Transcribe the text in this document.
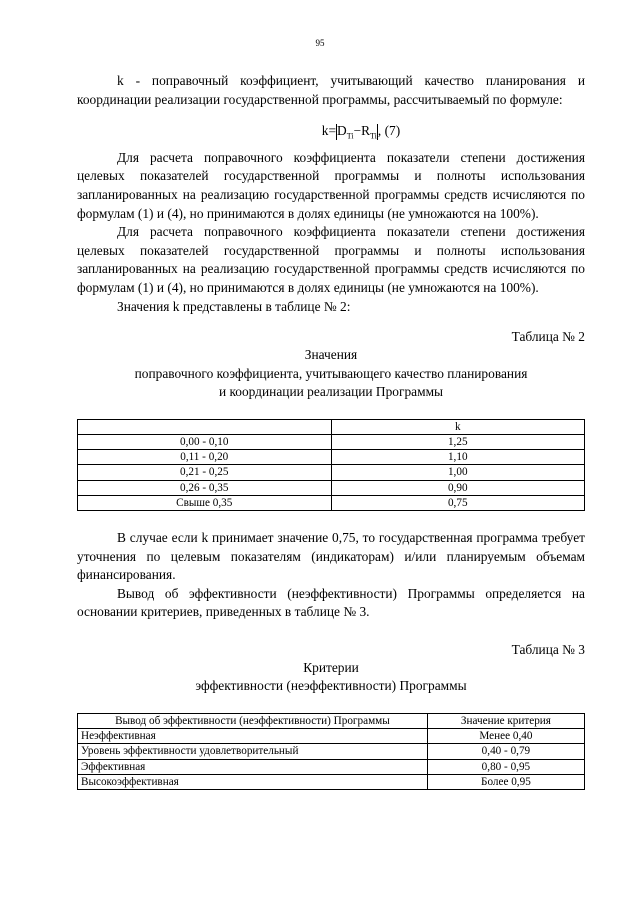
95

k - поправочный коэффициент, учитывающий качество планирования и координации реализации государственной программы, рассчитываемый по формуле:

$k=D_{Ti}-R_{Ti}$, (7)

Для расчета поправочного коэффициента показатели степени достижения целевых показателей государственной программы и полноты использования запланированных на реализацию государственной программы средств исчисляются по формулам (1) и (4), но принимаются в долях единицы (не умножаются на 100%).

Для расчета поправочного коэффициента показатели степени достижения целевых показателей государственной программы и полноты использования запланированных на реализацию государственной программы средств исчисляются по формулам (1) и (4), но принимаются в долях единицы (не умножаются на 100%).

Значения k представлены в таблице № 2:

Таблица № 2
Значения
поправочного коэффициента, учитывающего качество планирования
и координации реализации Программы
	k
0,00 - 0,10	1,25
0,11 - 0,20	1,10
0,21 - 0,25	1,00
0,26 - 0,35	0,90
Свыше 0,35	0,75

В случае если k принимает значение 0,75, то государственная программа требует уточнения по целевым показателям (индикаторам) и/или планируемым объемам финансирования.

Вывод об эффективности (неэффективности) Программы определяется на основании критериев, приведенных в таблице № 3.

Таблица № 3
Критерии
эффективности (неэффективности) Программы
Вывод об эффективности (неэффективности) Программы	Значение критерия
Неэффективная	Менее 0,40
Уровень эффективности удовлетворительный	0,40 - 0,79
Эффективная	0,80 - 0,95
Высокоэффективная	Более 0,95
